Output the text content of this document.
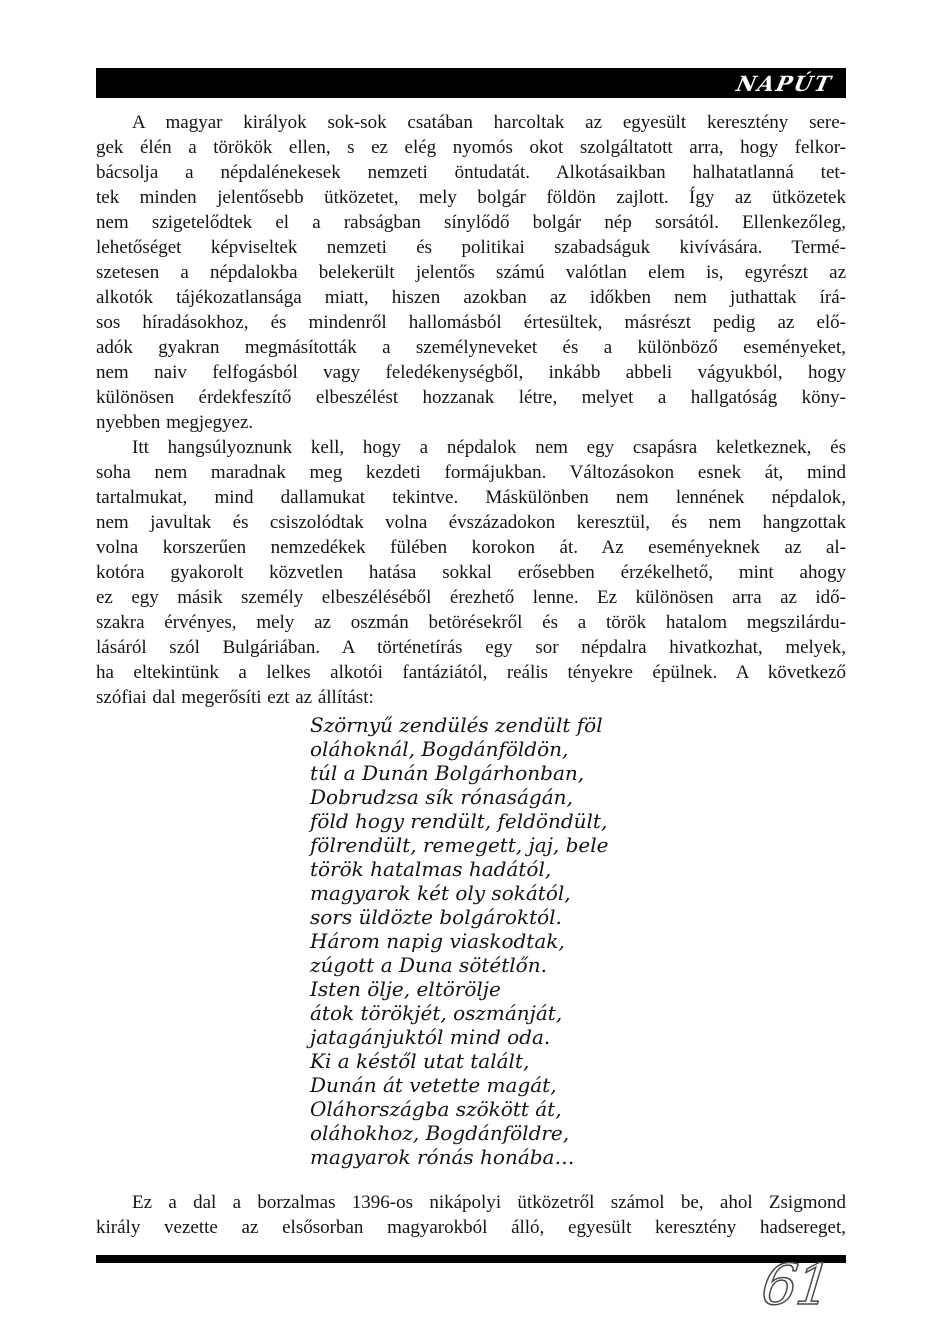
NAPÚT
A magyar királyok sok-sok csatában harcoltak az egyesült keresztény sere-
gek élén a törökök ellen, s ez elég nyomós okot szolgáltatott arra, hogy felkor-
bácsolja a népdalénekesek nemzeti öntudatát. Alkotásaikban halhatatlanná tet-
tek minden jelentősebb ütközetet, mely bolgár földön zajlott. Így az ütközetek
nem szigetelődtek el a rabságban sínylődő bolgár nép sorsától. Ellenkezőleg,
lehetőséget képviseltek nemzeti és politikai szabadságuk kivívására. Termé-
szetesen a népdalokba belekerült jelentős számú valótlan elem is, egyrészt az
alkotók tájékozatlansága miatt, hiszen azokban az időkben nem juthattak írá-
sos híradásokhoz, és mindenről hallomásból értesültek, másrészt pedig az elő-
adók gyakran megmásították a személyneveket és a különböző eseményeket,
nem naiv felfogásból vagy feledékenységből, inkább abbeli vágyukból, hogy
különösen érdekfeszítő elbeszélést hozzanak létre, melyet a hallgatóság köny-
nyebben megjegyez.
Itt hangsúlyoznunk kell, hogy a népdalok nem egy csapásra keletkeznek, és
soha nem maradnak meg kezdeti formájukban. Változásokon esnek át, mind
tartalmukat, mind dallamukat tekintve. Máskülönben nem lennének népdalok,
nem javultak és csiszolódtak volna évszázadokon keresztül, és nem hangzottak
volna korszerűen nemzedékek fülében korokon át. Az eseményeknek az al-
kotóra gyakorolt közvetlen hatása sokkal erősebben érzékelhető, mint ahogy
ez egy másik személy elbeszéléséből érezhető lenne. Ez különösen arra az idő-
szakra érvényes, mely az oszmán betörésekről és a török hatalom megszilárdu-
lásáról szól Bulgáriában. A történetírás egy sor népdalra hivatkozhat, melyek,
ha eltekintünk a lelkes alkotói fantáziától, reális tényekre épülnek. A következő
szófiai dal megerősíti ezt az állítást:
Szörnyű zendülés zendült föl
oláhoknál, Bogdánföldön,
túl a Dunán Bolgárhonban,
Dobrudzsa sík rónaságán,
föld hogy rendült, feldöndült,
fölrendült, remegett, jaj, bele
török hatalmas hadától,
magyarok két oly sokától,
sors üldözte bolgároktól.
Három napig viaskodtak,
zúgott a Duna sötétlőn.
Isten ölje, eltörölje
átok törökjét, oszmánját,
jatagánjuktól mind oda.
Ki a késtől utat talált,
Dunán át vetette magát,
Oláhországba szökött át,
oláhokhoz, Bogdánföldre,
magyarok rónás honába…
Ez a dal a borzalmas 1396-os nikápolyi ütközetről számol be, ahol Zsigmond
király vezette az elsősorban magyarokból álló, egyesült keresztény hadsereget,
61
